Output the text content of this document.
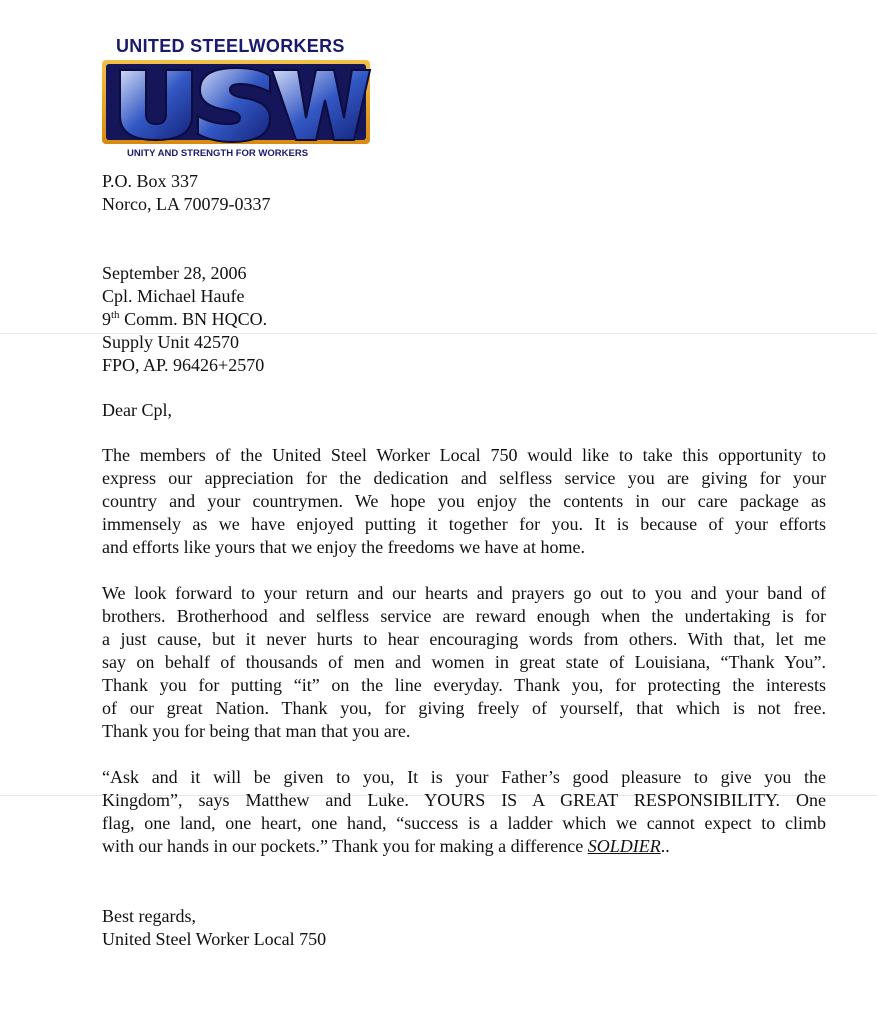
UNITED STEELWORKERS
TM
UNITY AND STRENGTH FOR WORKERS
P.O. Box 337
Norco, LA 70079-0337
September 28, 2006
Cpl. Michael Haufe
9th Comm. BN HQCO.
Supply Unit 42570
FPO, AP. 96426+2570
Dear Cpl,
The members of the United Steel Worker Local 750 would like to take this opportunity to
express our appreciation for the dedication and selfless service you are giving for your
country and your countrymen. We hope you enjoy the contents in our care package as
immensely as we have enjoyed putting it together for you. It is because of your efforts
and efforts like yours that we enjoy the freedoms we have at home.
We look forward to your return and our hearts and prayers go out to you and your band of
brothers. Brotherhood and selfless service are reward enough when the undertaking is for
a just cause, but it never hurts to hear encouraging words from others. With that, let me
say on behalf of thousands of men and women in great state of Louisiana, “Thank You”.
Thank you for putting “it” on the line everyday. Thank you, for protecting the interests
of our great Nation. Thank you, for giving freely of yourself, that which is not free.
Thank you for being that man that you are.
“Ask and it will be given to you, It is your Father’s good pleasure to give you the
Kingdom”, says Matthew and Luke. YOURS IS A GREAT RESPONSIBILITY. One
flag, one land, one heart, one hand, “success is a ladder which we cannot expect to climb
with our hands in our pockets.” Thank you for making a difference SOLDIER..
Best regards,
United Steel Worker Local 750
